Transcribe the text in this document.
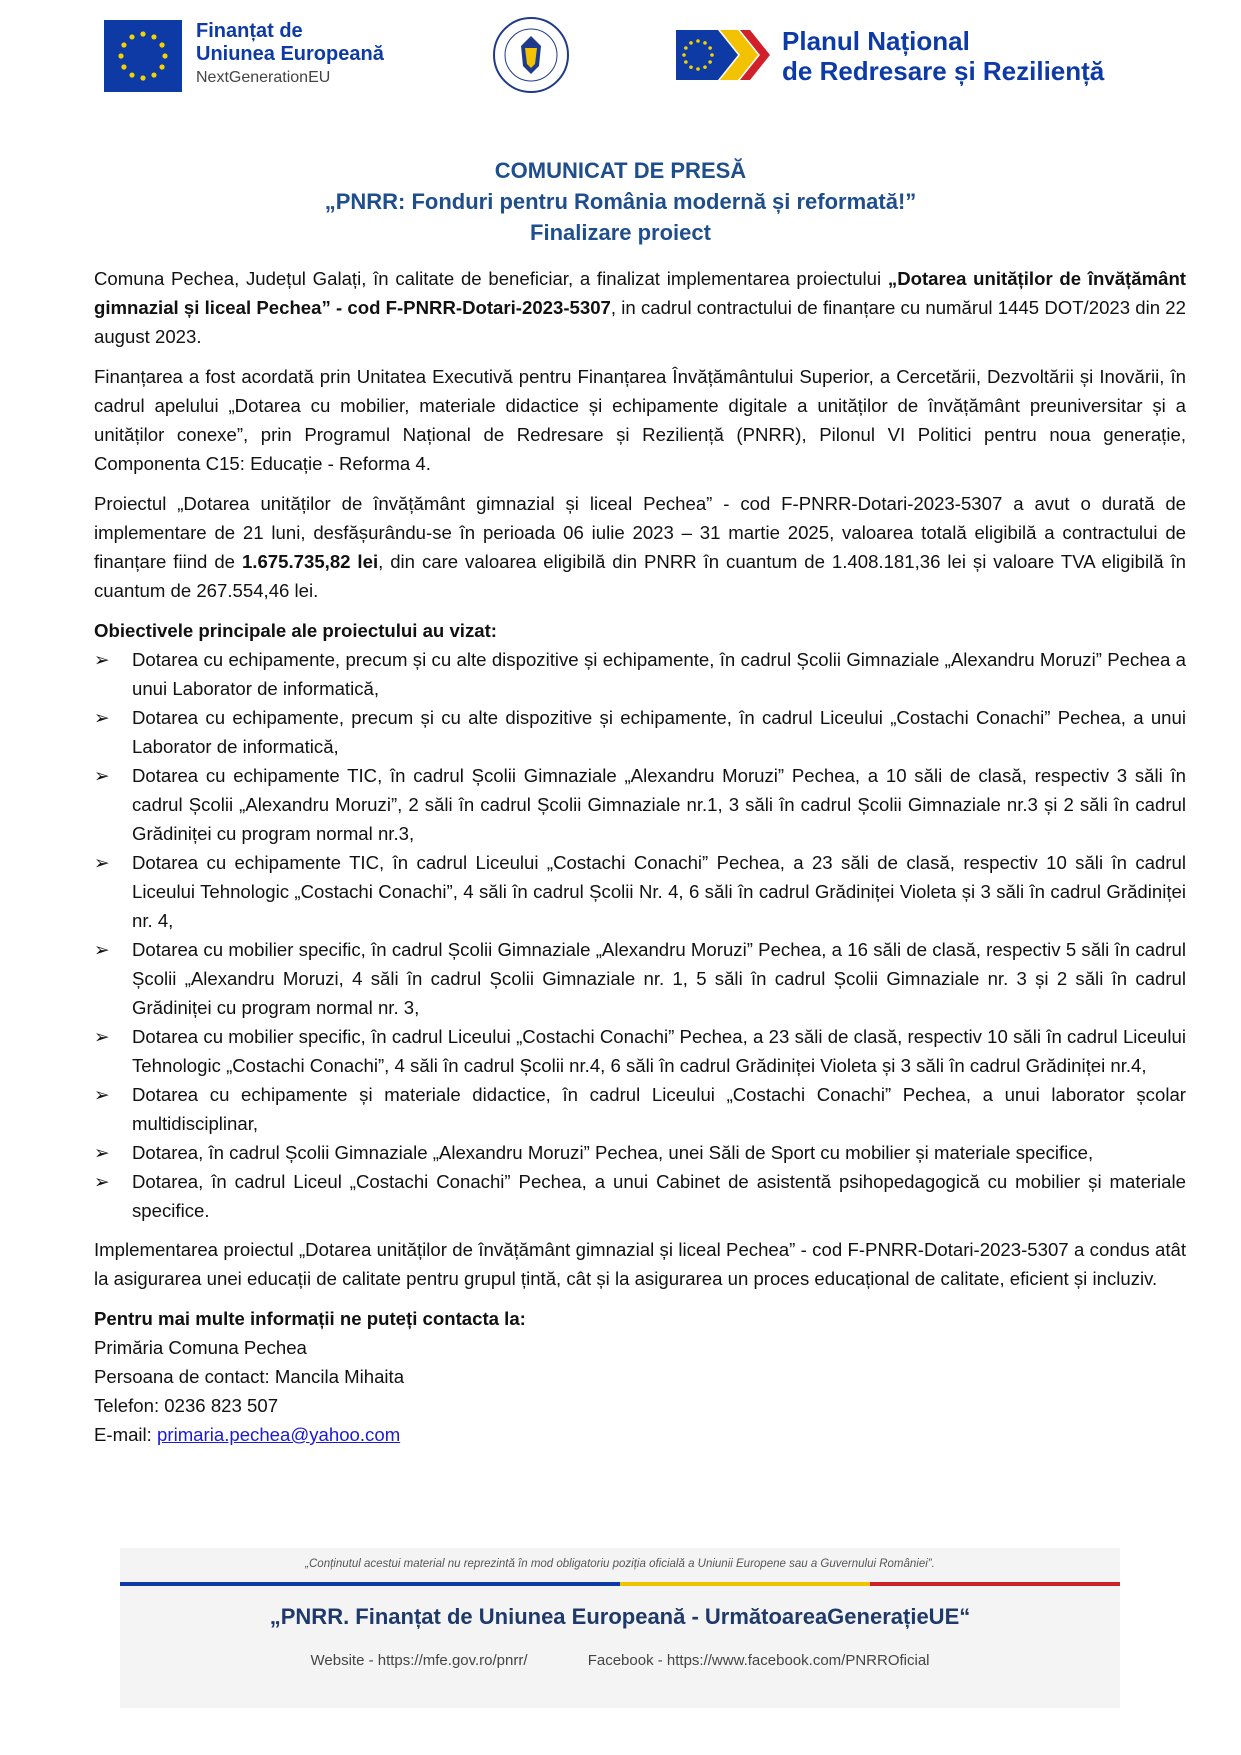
Finanțat de
Uniunea Europeană
NextGenerationEU
Planul Național
de Redresare și Reziliență
COMUNICAT DE PRESĂ
„PNRR: Fonduri pentru România modernă și reformată!”
Finalizare proiect

Comuna Pechea, Județul Galați, în calitate de beneficiar, a finalizat implementarea proiectului „Dotarea unităților de învățământ gimnazial și liceal Pechea” - cod F-PNRR-Dotari-2023-5307, in cadrul contractului de finanțare cu numărul 1445 DOT/2023 din 22 august 2023.

Finanțarea a fost acordată prin Unitatea Executivă pentru Finanțarea Învățământului Superior, a Cercetării, Dezvoltării și Inovării, în cadrul apelului „Dotarea cu mobilier, materiale didactice și echipamente digitale a unităților de învățământ preuniversitar și a unităților conexe”, prin Programul Național de Redresare și Reziliență (PNRR), Pilonul VI Politici pentru noua generație, Componenta C15: Educație - Reforma 4.

Proiectul „Dotarea unităților de învățământ gimnazial și liceal Pechea” - cod F-PNRR-Dotari-2023-5307 a avut o durată de implementare de 21 luni, desfășurându-se în perioada 06 iulie 2023 – 31 martie 2025, valoarea totală eligibilă a contractului de finanțare fiind de 1.675.735,82 lei, din care valoarea eligibilă din PNRR în cuantum de 1.408.181,36 lei și valoare TVA eligibilă în cuantum de 267.554,46 lei.

Obiectivele principale ale proiectului au vizat:
➢	Dotarea cu echipamente, precum și cu alte dispozitive și echipamente, în cadrul Școlii Gimnaziale „Alexandru Moruzi” Pechea a unui Laborator de informatică,
➢	Dotarea cu echipamente, precum și cu alte dispozitive și echipamente, în cadrul Liceului „Costachi Conachi” Pechea, a unui Laborator de informatică,
➢	Dotarea cu echipamente TIC, în cadrul Școlii Gimnaziale „Alexandru Moruzi” Pechea, a 10 săli de clasă, respectiv 3 săli în cadrul Școlii „Alexandru Moruzi”, 2 săli în cadrul Școlii Gimnaziale nr.1, 3 săli în cadrul Școlii Gimnaziale nr.3 și 2 săli în cadrul Grădiniței cu program normal nr.3,
➢	Dotarea cu echipamente TIC, în cadrul Liceului „Costachi Conachi” Pechea, a 23 săli de clasă, respectiv 10 săli în cadrul Liceului Tehnologic „Costachi Conachi”, 4 săli în cadrul Școlii Nr. 4, 6 săli în cadrul Grădiniței Violeta și 3 săli în cadrul Grădiniței nr. 4,
➢	Dotarea cu mobilier specific, în cadrul Școlii Gimnaziale „Alexandru Moruzi” Pechea, a 16 săli de clasă, respectiv 5 săli în cadrul Școlii „Alexandru Moruzi, 4 săli în cadrul Școlii Gimnaziale nr. 1, 5 săli în cadrul Școlii Gimnaziale nr. 3 și 2 săli în cadrul Grădiniței cu program normal nr. 3,
➢	Dotarea cu mobilier specific, în cadrul Liceului „Costachi Conachi” Pechea, a 23 săli de clasă, respectiv 10 săli în cadrul Liceului Tehnologic „Costachi Conachi”, 4 săli în cadrul Școlii nr.4, 6 săli în cadrul Grădiniței Violeta și 3 săli în cadrul Grădiniței nr.4,
➢	Dotarea cu echipamente și materiale didactice, în cadrul Liceului „Costachi Conachi” Pechea, a unui laborator școlar multidisciplinar,
➢	Dotarea, în cadrul Școlii Gimnaziale „Alexandru Moruzi” Pechea, unei Săli de Sport cu mobilier și materiale specifice,
➢	Dotarea, în cadrul Liceul „Costachi Conachi” Pechea, a unui Cabinet de asistentă psihopedagogică cu mobilier și materiale specifice.

Implementarea proiectul „Dotarea unităților de învățământ gimnazial și liceal Pechea” - cod F-PNRR-Dotari-2023-5307 a condus atât la asigurarea unei educații de calitate pentru grupul țintă, cât și la asigurarea un proces educațional de calitate, eficient și incluziv.

Pentru mai multe informații ne puteți contacta la:
Primăria Comuna Pechea
Persoana de contact: Mancila Mihaita
Telefon: 0236 823 507
E-mail: primaria.pechea@yahoo.com
„Conținutul acestui material nu reprezintă în mod obligatoriu poziția oficială a Uniunii Europene sau a Guvernului României”.
„PNRR. Finanțat de Uniunea Europeană - UrmătoareaGenerațieUE“
Website - https://mfe.gov.ro/pnrr/	Facebook - https://www.facebook.com/PNRROficial
